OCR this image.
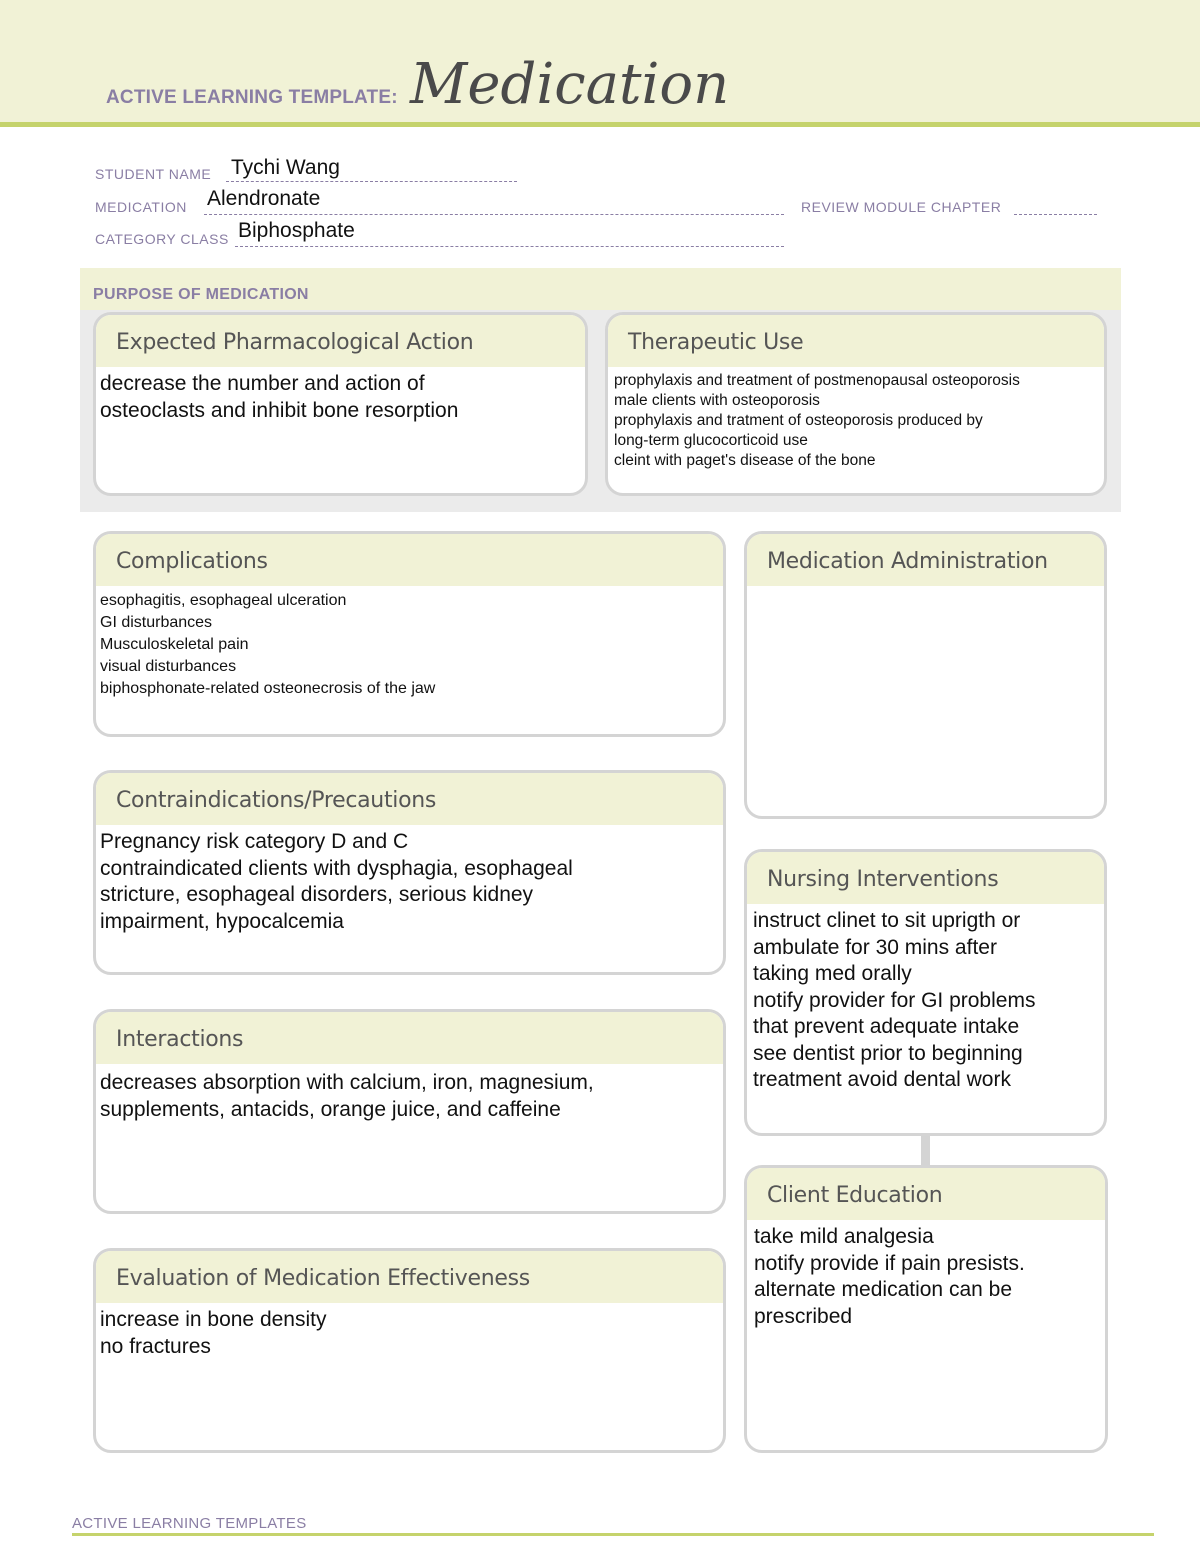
ACTIVE LEARNING TEMPLATE: Medication
STUDENT NAME Tychi Wang
MEDICATION Alendronate	REVIEW MODULE CHAPTER
CATEGORY CLASS Biphosphate
PURPOSE OF MEDICATION
Expected Pharmacological Action
decrease the number and action of
osteoclasts and inhibit bone resorption
Therapeutic Use
prophylaxis and treatment of postmenopausal osteoporosis
male clients with osteoporosis
prophylaxis and tratment of osteoporosis produced by
long-term glucocorticoid use
cleint with paget's disease of the bone
Complications
esophagitis, esophageal ulceration
GI disturbances
Musculoskeletal pain
visual disturbances
biphosphonate-related osteonecrosis of the jaw
Contraindications/Precautions
Pregnancy risk category D and C
contraindicated clients with dysphagia, esophageal
stricture, esophageal disorders, serious kidney
impairment, hypocalcemia
Interactions
decreases absorption with calcium, iron, magnesium,
supplements, antacids, orange juice, and caffeine
Evaluation of Medication Effectiveness
increase in bone density
no fractures
Medication Administration
Nursing Interventions
instruct clinet to sit uprigth or
ambulate for 30 mins after
taking med orally
notify provider for GI problems
that prevent adequate intake
see dentist prior to beginning
treatment avoid dental work
Client Education
take mild analgesia
notify provide if pain presists.
alternate medication can be
prescribed
ACTIVE LEARNING TEMPLATES
